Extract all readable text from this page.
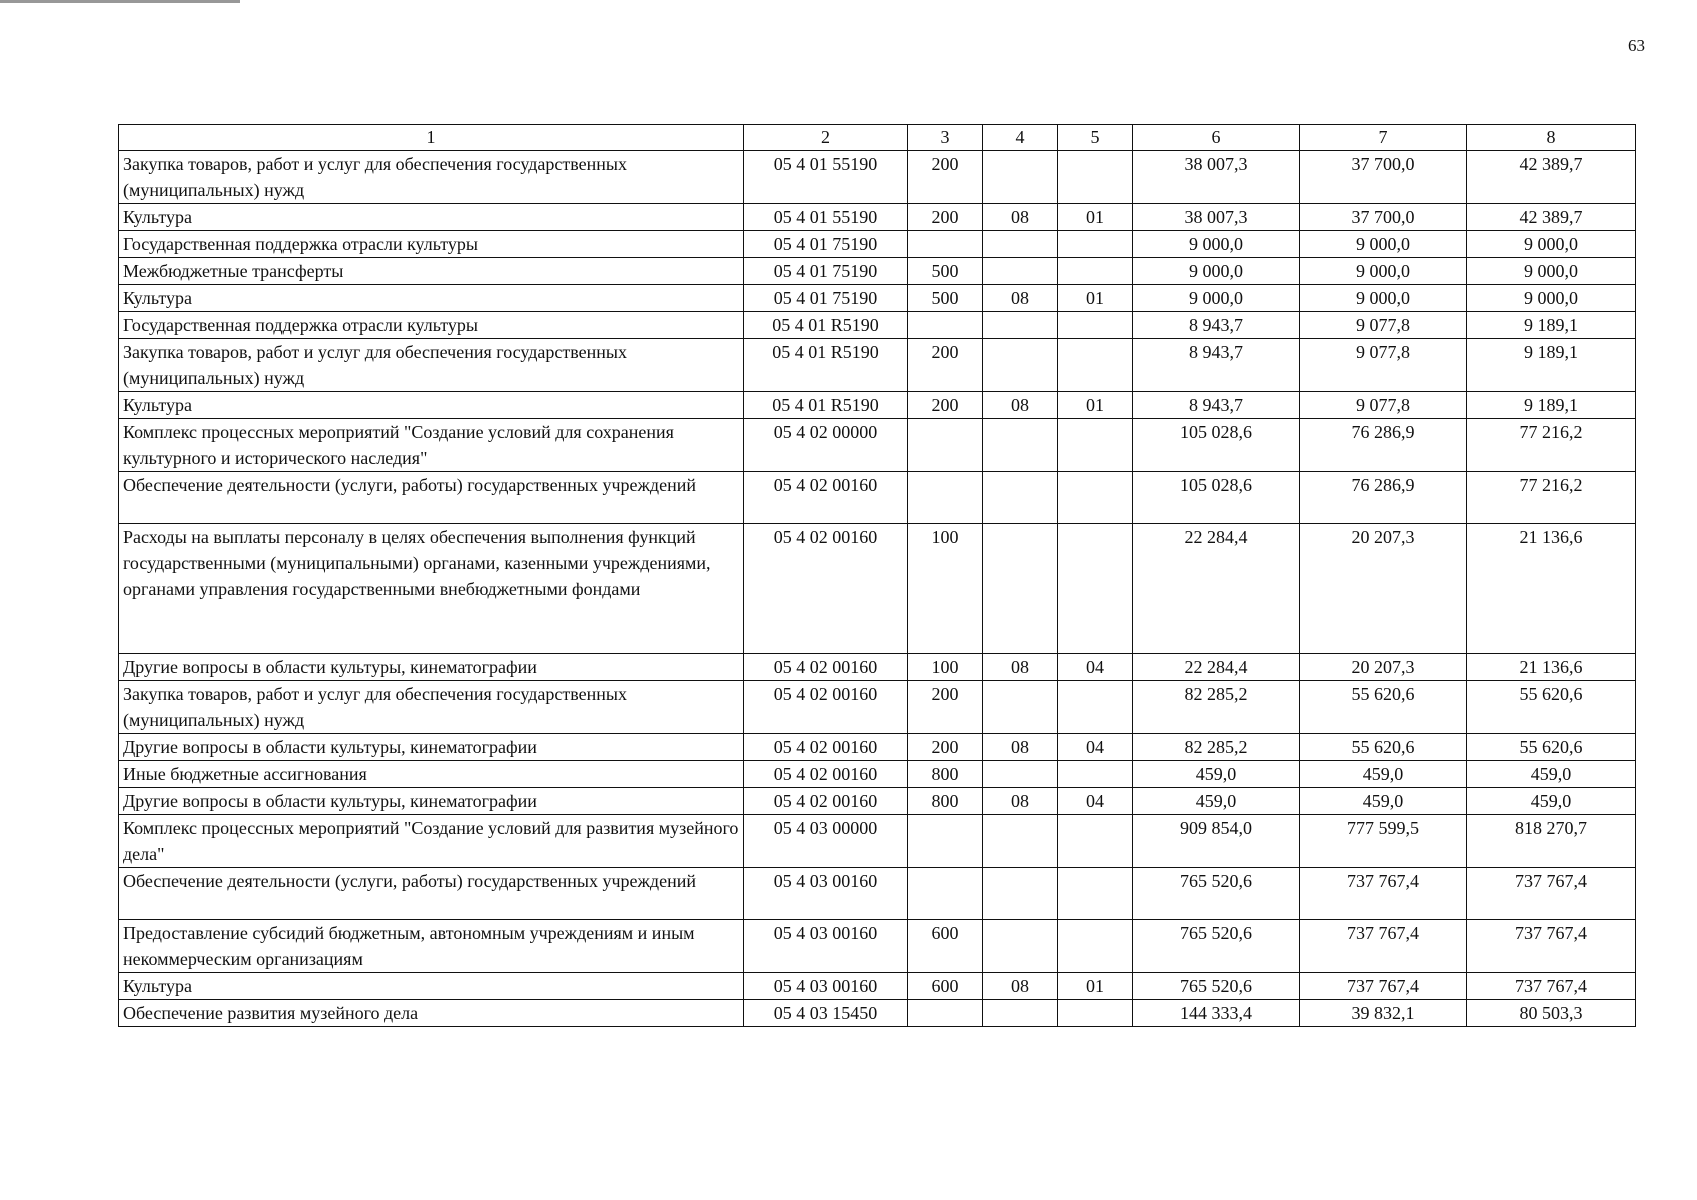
63
1	2	3	4	5	6	7	8
Закупка товаров, работ и услуг для обеспечения государственных (муниципальных) нужд	05 4 01 55190	200			38 007,3	37 700,0	42 389,7
Культура	05 4 01 55190	200	08	01	38 007,3	37 700,0	42 389,7
Государственная поддержка отрасли культуры	05 4 01 75190				9 000,0	9 000,0	9 000,0
Межбюджетные трансферты	05 4 01 75190	500			9 000,0	9 000,0	9 000,0
Культура	05 4 01 75190	500	08	01	9 000,0	9 000,0	9 000,0
Государственная поддержка отрасли культуры	05 4 01 R5190				8 943,7	9 077,8	9 189,1
Закупка товаров, работ и услуг для обеспечения государственных (муниципальных) нужд	05 4 01 R5190	200			8 943,7	9 077,8	9 189,1
Культура	05 4 01 R5190	200	08	01	8 943,7	9 077,8	9 189,1
Комплекс процессных мероприятий "Создание условий для сохранения культурного и исторического наследия"	05 4 02 00000				105 028,6	76 286,9	77 216,2
Обеспечение деятельности (услуги, работы) государственных учреждений	05 4 02 00160				105 028,6	76 286,9	77 216,2
Расходы на выплаты персоналу в целях обеспечения выполнения функций государственными (муниципальными) органами, казенными учреждениями, органами управления государственными внебюджетными фондами	05 4 02 00160	100			22 284,4	20 207,3	21 136,6
Другие вопросы в области культуры, кинематографии	05 4 02 00160	100	08	04	22 284,4	20 207,3	21 136,6
Закупка товаров, работ и услуг для обеспечения государственных (муниципальных) нужд	05 4 02 00160	200			82 285,2	55 620,6	55 620,6
Другие вопросы в области культуры, кинематографии	05 4 02 00160	200	08	04	82 285,2	55 620,6	55 620,6
Иные бюджетные ассигнования	05 4 02 00160	800			459,0	459,0	459,0
Другие вопросы в области культуры, кинематографии	05 4 02 00160	800	08	04	459,0	459,0	459,0
Комплекс процессных мероприятий "Создание условий для развития музейного дела"	05 4 03 00000				909 854,0	777 599,5	818 270,7
Обеспечение деятельности (услуги, работы) государственных учреждений	05 4 03 00160				765 520,6	737 767,4	737 767,4
Предоставление субсидий бюджетным, автономным учреждениям и иным некоммерческим организациям	05 4 03 00160	600			765 520,6	737 767,4	737 767,4
Культура	05 4 03 00160	600	08	01	765 520,6	737 767,4	737 767,4
Обеспечение развития музейного дела	05 4 03 15450				144 333,4	39 832,1	80 503,3
